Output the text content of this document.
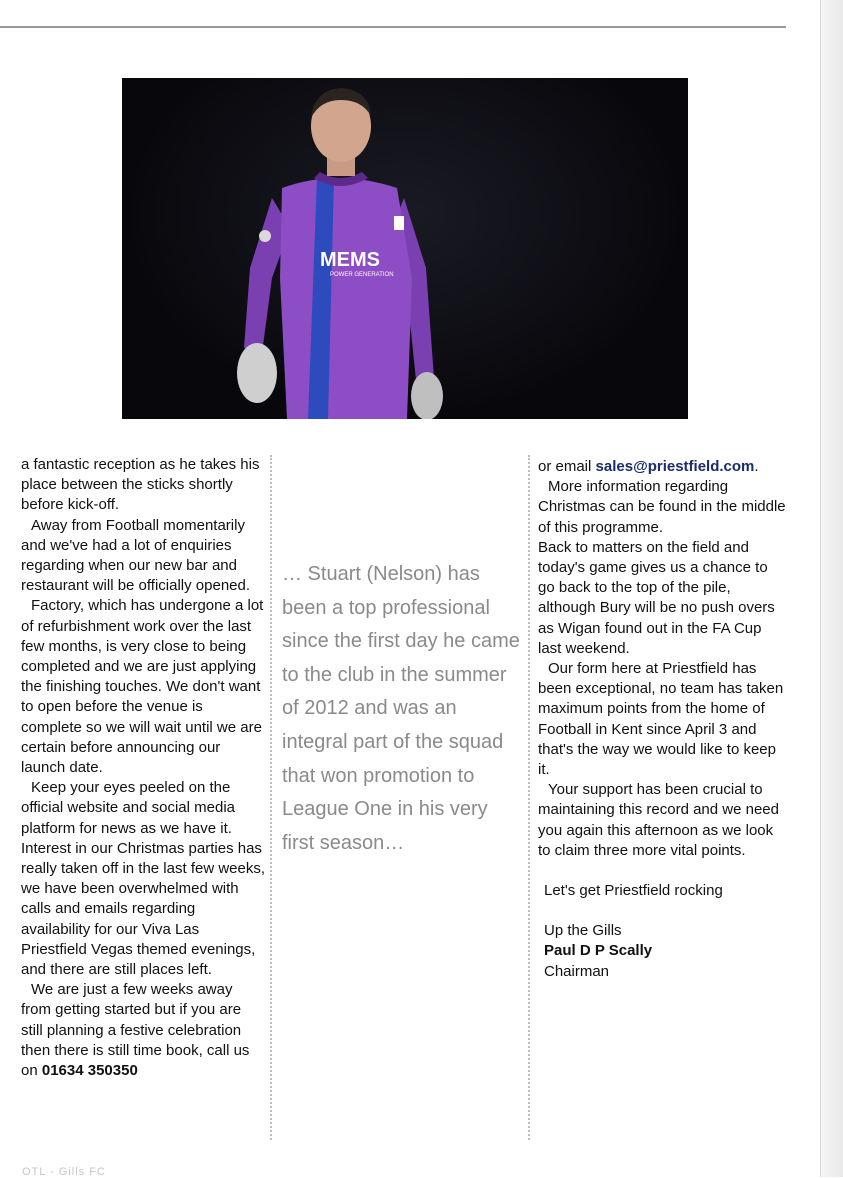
MEMS
POWER GENERATION

a fantastic reception as he takes his place between the sticks shortly before kick-off.

Away from Football momentarily and we've had a lot of enquiries regarding when our new bar and restaurant will be officially opened.

Factory, which has undergone a lot of refurbishment work over the last few months, is very close to being completed and we are just applying the finishing touches. We don't want to open before the venue is complete so we will wait until we are certain before announcing our launch date.

Keep your eyes peeled on the official website and social media platform for news as we have it. Interest in our Christmas parties has really taken off in the last few weeks, we have been overwhelmed with calls and emails regarding availability for our Viva Las Priestfield Vegas themed evenings, and there are still places left.

We are just a few weeks away from getting started but if you are still planning a festive celebration then there is still time book, call us on 01634 350350

… Stuart (Nelson) has been a top professional since the first day he came to the club in the summer of 2012 and was an integral part of the squad that won promotion to League One in his very first season…

or email sales@priestfield.com.

More information regarding Christmas can be found in the middle of this programme.

Back to matters on the field and today's game gives us a chance to go back to the top of the pile, although Bury will be no push overs as Wigan found out in the FA Cup last weekend.

Our form here at Priestfield has been exceptional, no team has taken maximum points from the home of Football in Kent since April 3 and that's the way we would like to keep it.

Your support has been crucial to maintaining this record and we need you again this afternoon as we look to claim three more vital points.

Let's get Priestfield rocking

Up the Gills

Paul D P Scally

Chairman

OTL - Gills FC
